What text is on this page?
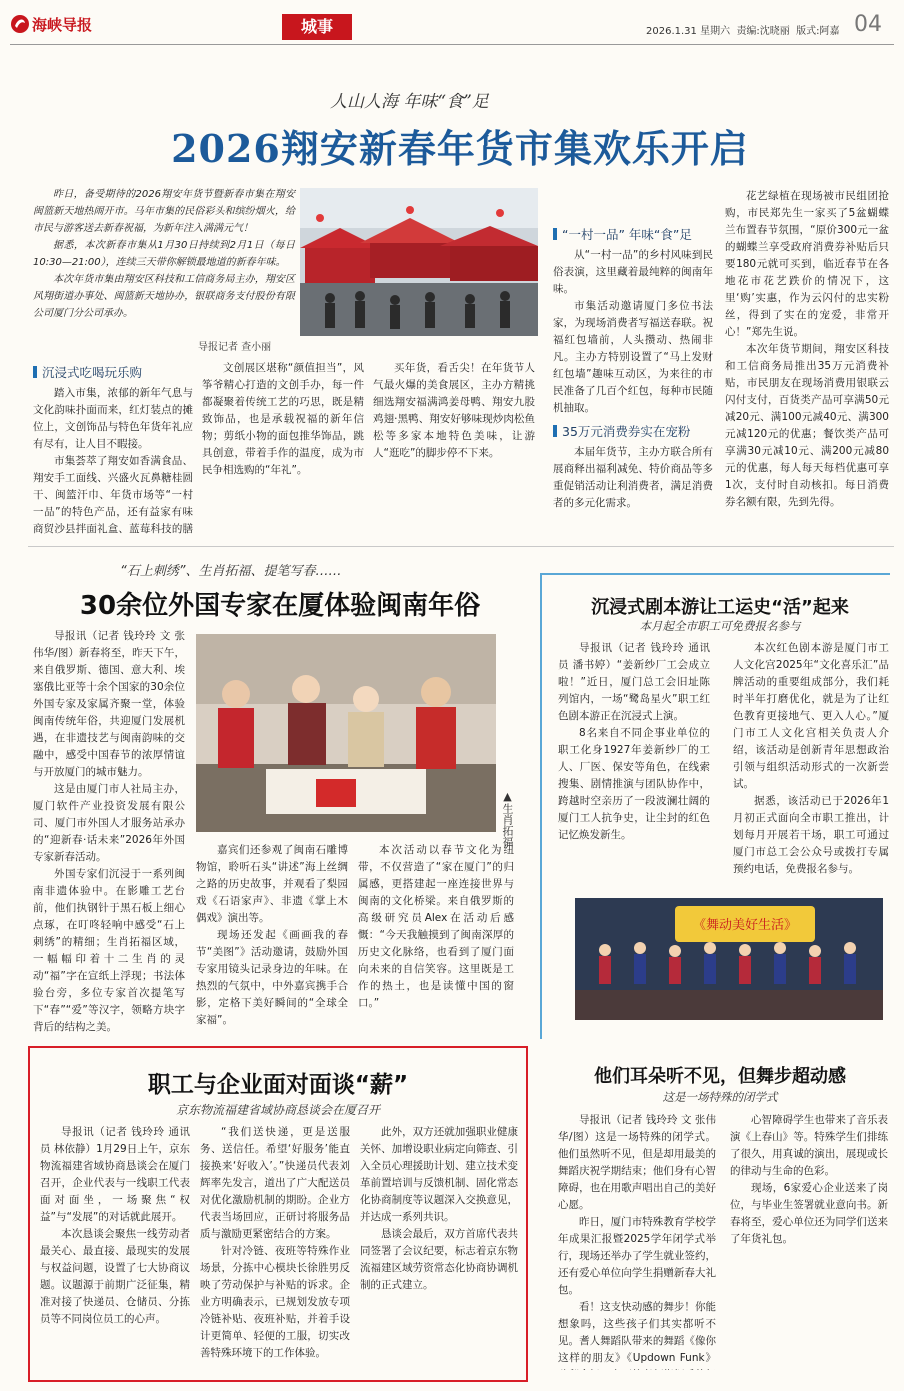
海峡导报	城事	2026.1.31 星期六 责编:沈晓丽 版式:阿嘉 04
人山人海 年味“食”足
2026翔安新春年货市集欢乐开启

昨日，备受期待的2026翔安年货节暨新春市集在翔安闽篮新天地热闹开市。马年市集的民俗彩头和缤纷烟火，给市民与游客送去新春祝福，为新年注入满满元气！

据悉，本次新春市集从1月30日持续到2月1日（每日10:30—21:00），连续三天带你解锁最地道的新春年味。

本次年货市集由翔安区科技和工信商务局主办，翔安区风翔街道办事处、闽篮新天地协办，银联商务支付股份有限公司厦门分公司承办。

导报记者 查小丽
沉浸式吃喝玩乐购

踏入市集，浓郁的新年气息与文化韵味扑面而来，红灯装点的摊位上，文创饰品与特色年货年礼应有尽有，让人目不暇接。

市集荟萃了翔安如香满食品、翔安手工面线、兴盛火瓦鼻糖桂圆干、闽篮汗巾、年货市场等“一村一品”的特色产品，还有益家有味商贸沙县拌面礼盒、蓝莓科技的膳

文创展区堪称“颜值担当”，风筝爷精心打造的文创手办，每一件都凝聚着传统工艺的巧思，既是精致饰品，也是承载祝福的新年信物；剪纸小物的面包推华饰品，跳具创意，带着手作的温度，成为市民争相选购的“年礼”。

买年货，看舌尖！在年货节人气最火爆的美食展区，主办方精挑细选翔安福满鸿姜母鸭、翔安九股鸡翅·黑鸭、翔安好够味现炒肉松鱼松等多家本地特色美味，让游人“逛吃”的脚步停不下来。

“一村一品” 年味“食”足

从“一村一品”的乡村风味到民俗表演，这里藏着最纯粹的闽南年味。

市集活动邀请厦门多位书法家，为现场消费者写福送春联。祝福红包墙前，人头攒动、热闹非凡。主办方特别设置了“马上发财红包墙”趣味互动区，为来往的市民准备了几百个红包，每种市民随机抽取。

35万元消费券实在宠粉

本届年货节，主办方联合所有展商释出福利减免、特价商品等多重促销活动让利消费者，满足消费者的多元化需求。

花艺绿植在现场被市民组团抢购，市民郑先生一家买了5盆蝴蝶兰布置春节氛围，“原价300元一盆的蝴蝶兰享受政府消费券补贴后只要180元就可买到，临近春节在各地花市花艺跌价的情况下，这里‘购’实惠，作为云闪付的忠实粉丝，得到了实在的宠爱，非常开心！”郑先生说。

本次年货节期间，翔安区科技和工信商务局推出35万元消费补贴，市民朋友在现场消费用银联云闪付支付，百货类产品可享满50元减20元、满100元减40元、满300元减120元的优惠；餐饮类产品可享满30元减10元、满200元减80元的优惠，每人每天每档优惠可享1次，支付时自动核扣。每日消费券名额有限，先到先得。

“石上刺绣”、生肖拓福、提笔写春……
30余位外国专家在厦体验闽南年俗

导报讯（记者 钱玲玲 文 张伟华/图）新春将至，昨天下午，来自俄罗斯、德国、意大利、埃塞俄比亚等十余个国家的30余位外国专家及家属齐聚一堂，体验闽南传统年俗，共迎厦门发展机遇，在非遗技艺与闽南韵味的交融中，感受中国春节的浓厚情谊与开放厦门的城市魅力。

这是由厦门市人社局主办，厦门软件产业投资发展有限公司、厦门市外国人才服务站承办的“迎新春·话未来”2026年外国专家新春活动。

外国专家们沉浸于一系列闽南非遗体验中。在影雕工艺台前，他们执钢针于黑石板上细心点琢，在叮咚轻响中感受“石上刺绣”的精细；生肖拓福区域，一幅幅印着十二生肖的灵动“福”字在宣纸上浮现；书法体验台旁，多位专家首次提笔写下“春”“爱”等汉字，领略方块字背后的结构之美。

▲生肖拓福

嘉宾们还参观了闽南石雕博物馆，聆听石头“讲述”海上丝绸之路的历史故事，并观看了梨园戏《石语家声》、非遗《掌上木偶戏》演出等。

现场还发起《画画我的春节“美图”》活动邀请，鼓励外国专家用镜头记录身边的年味。在热烈的气氛中，中外嘉宾携手合影，定格下美好瞬间的“全球全家福”。

本次活动以春节文化为纽带，不仅营造了“家在厦门”的归属感，更搭建起一座连接世界与闽南的文化桥梁。来自俄罗斯的高级研究员Alex在活动后感慨：“今天我触摸到了闽南深厚的历史文化脉络，也看到了厦门面向未来的自信笑容。这里既是工作的热土，也是读懂中国的窗口。”

沉浸式剧本游让工运史“活”起来
本月起全市职工可免费报名参与

导报讯（记者 钱玲玲 通讯员 潘书婷）“姜新纱厂工会成立啦！”近日，厦门总工会旧址陈列馆内，一场“鹭岛星火”职工红色剧本游正在沉浸式上演。

8名来自不同企事业单位的职工化身1927年姜新纱厂的工人、厂医、保安等角色，在线索搜集、剧情推演与团队协作中，跨越时空亲历了一段波澜壮阔的厦门工人抗争史，让尘封的红色记忆焕发新生。

本次红色剧本游是厦门市工人文化宫2025年“文化喜乐汇”品牌活动的重要组成部分，我们耗时半年打磨优化，就是为了让红色教育更接地气、更入人心。”厦门市工人文化宫相关负责人介绍，该活动是创新青年思想政治引领与组织活动形式的一次新尝试。

据悉，该活动已于2026年1月初正式面向全市职工推出，计划每月开展若干场，职工可通过厦门市总工会公众号或拨打专属预约电话，免费报名参与。

《舞动美好生活》
他们耳朵听不见，但舞步超动感
这是一场特殊的闭学式

导报讯（记者 钱玲玲 文 张伟华/图）这是一场特殊的闭学式。他们虽然听不见，但是却用最美的舞蹈庆祝学期结束；他们身有心智障碍，也在用歌声唱出自己的美好心愿。

昨日，厦门市特殊教育学校学年成果汇报暨2025学年闭学式举行，现场还举办了学生就业签约，还有爱心单位向学生捐赠新春大礼包。

看！这支快动感的舞步！你能想象吗，这些孩子们其实都听不见。耆人舞蹈队带来的舞蹈《像你这样的朋友》《Updown Funk》

心智障碍学生也带来了音乐表演《上春山》等。特殊学生们排练了很久，用真诚的演出，展现或长的律动与生命的色彩。

现场，6家爱心企业送来了岗位，与毕业生签署就业意向书。新春将至，爱心单位还为同学们送来了年货礼包。

职工与企业面对面谈“薪”
京东物流福建省域协商恳谈会在厦召开

导报讯（记者 钱玲玲 通讯员 林依静）1月29日上午，京东物流福建省域协商恳谈会在厦门召开，企业代表与一线职工代表面对面坐，一场聚焦“权益”与“发展”的对话就此展开。

本次恳谈会聚焦一线劳动者最关心、最直接、最现实的发展与权益问题，设置了七大协商议题。议题源于前期广泛征集，精准对接了快递员、仓储员、分拣员等不同岗位员工的心声。

“我们送快递，更是送服务、送信任。希望‘好服务’能直接换来‘好收入’。”快递员代表刘辉率先发言，道出了广大配送员对优化激励机制的期盼。企业方代表当场回应，正研讨将服务品质与激励更紧密结合的方案。

针对冷链、夜班等特殊作业场景，分拣中心模块长徐胜男反映了劳动保护与补贴的诉求。企业方明确表示，已规划发放专项冷链补贴、夜班补贴，并着手设计更简单、轻便的工服，切实改善特殊环境下的工作体验。

此外，双方还就加强职业健康关怀、加增设职业病定向筛查、引入全员心理援助计划、建立技术变革前置培训与反馈机制、固化常态化协商制度等议题深入交换意见，并达成一系列共识。

恳谈会最后，双方首席代表共同签署了会议纪要，标志着京东物流福建区域劳资常态化协商协调机制的正式建立。
